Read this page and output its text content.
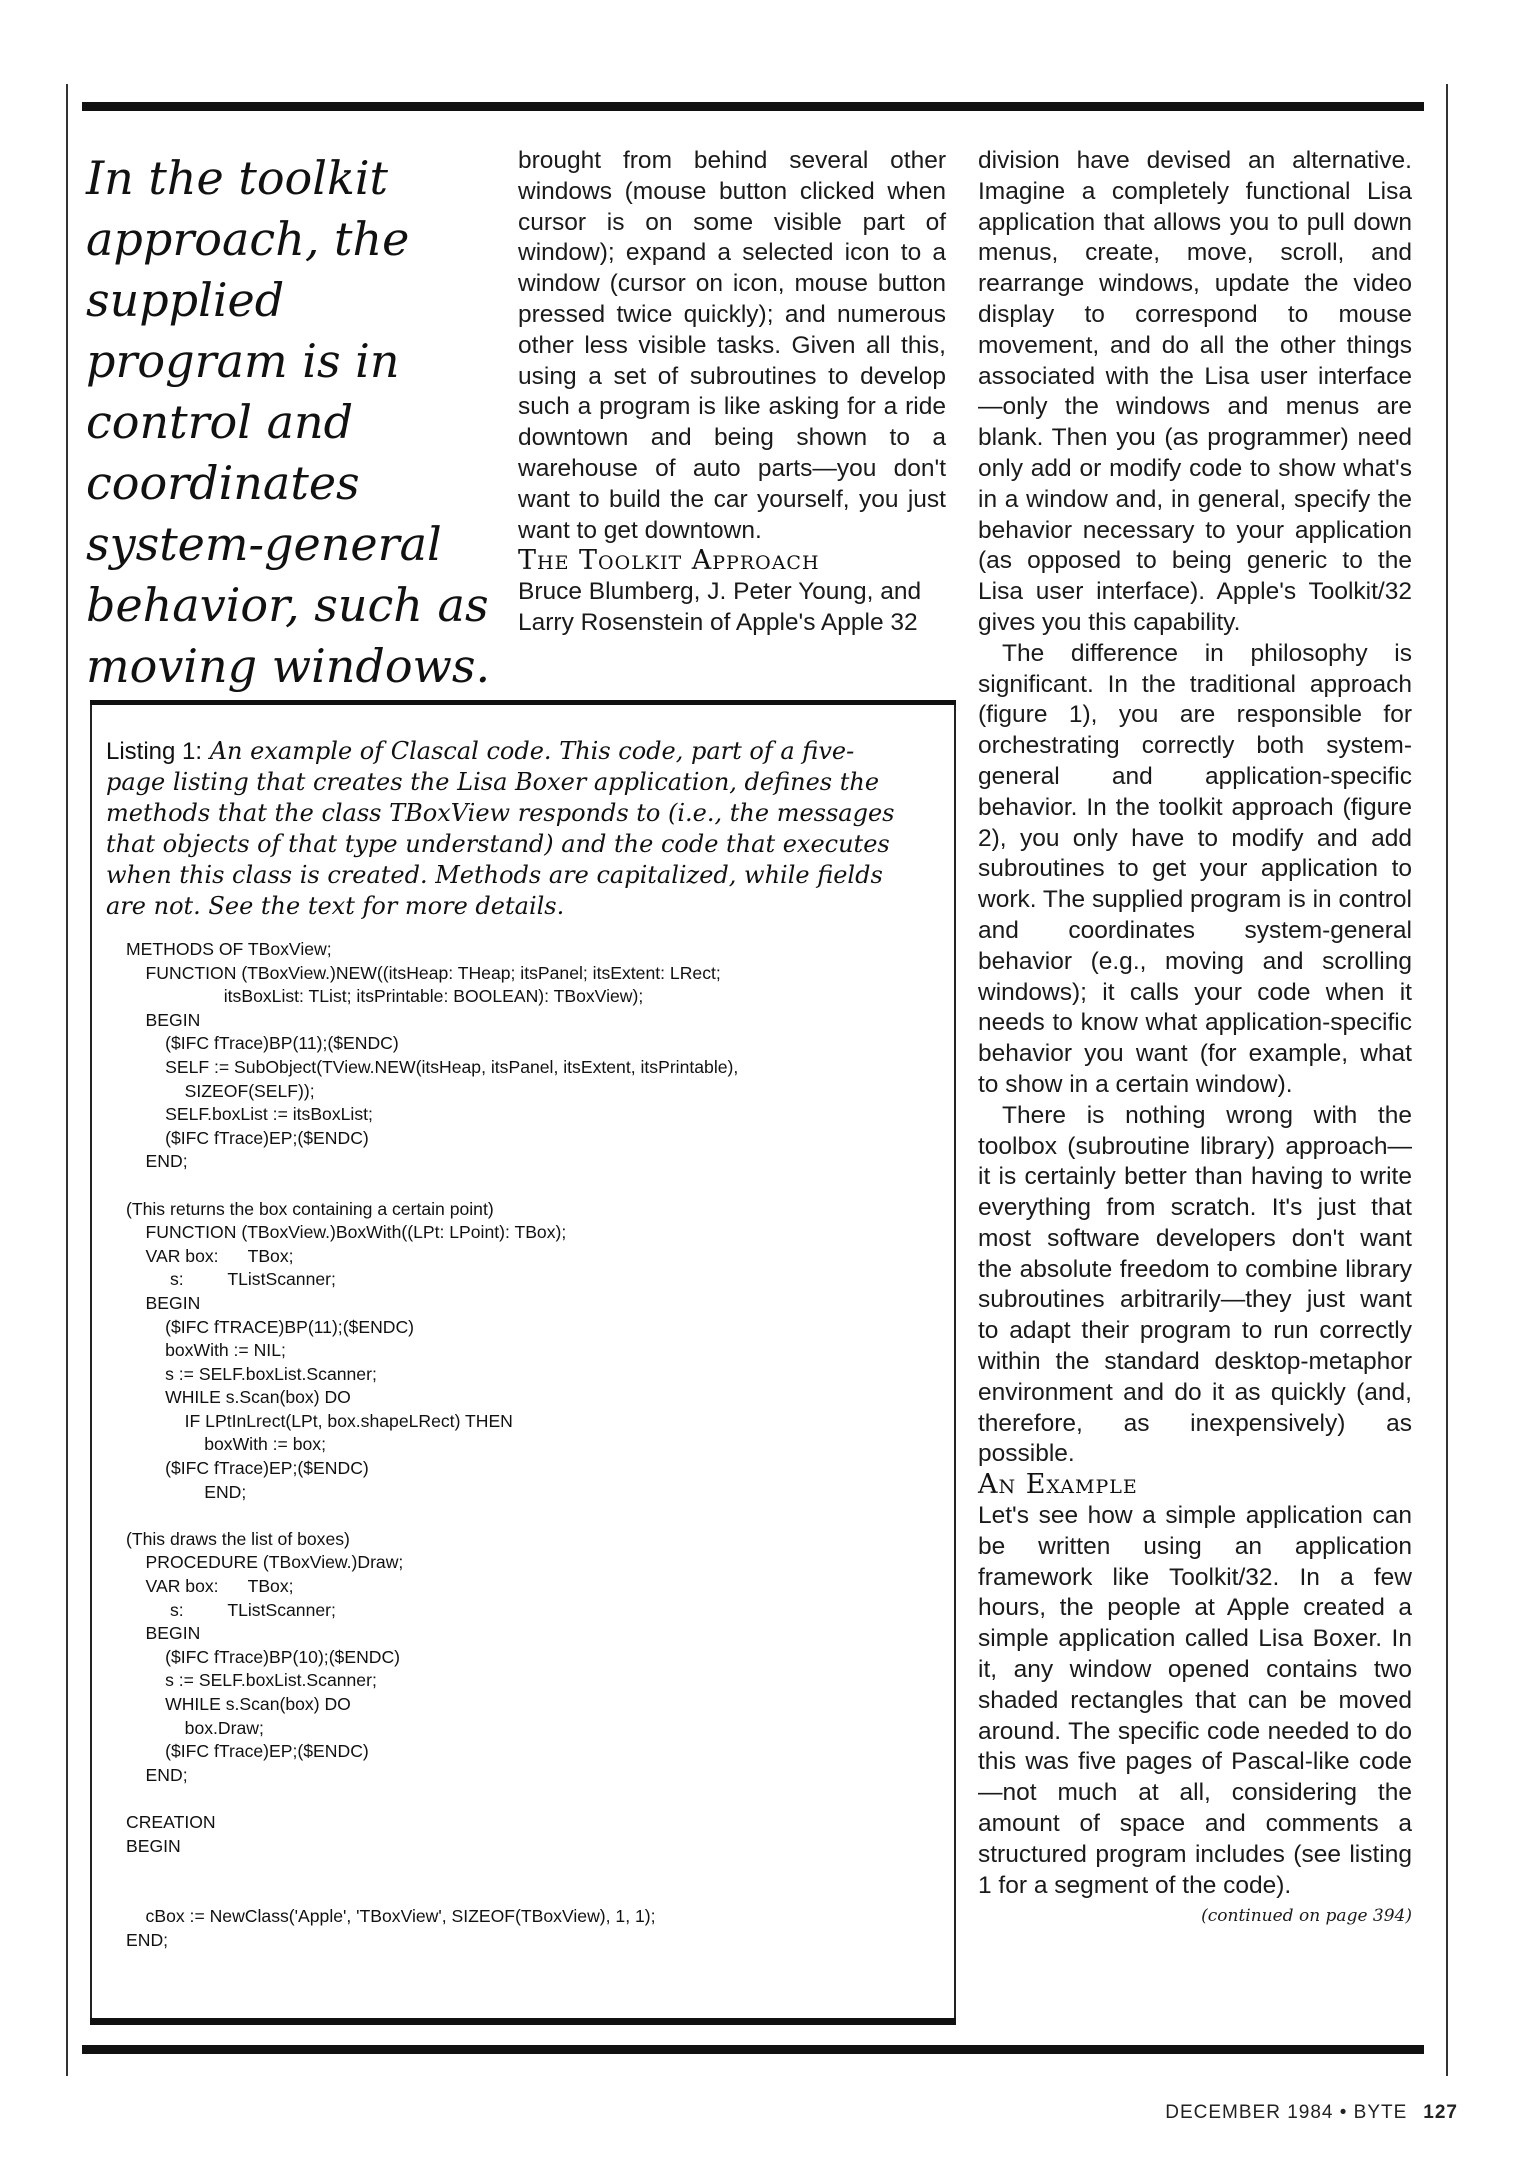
In the toolkit approach, the supplied program is in control and coordinates system-general behavior, such as moving windows.

brought from behind several other windows (mouse button clicked when cursor is on some visible part of window); expand a selected icon to a window (cursor on icon, mouse button pressed twice quickly); and numerous other less visible tasks. Given all this, using a set of subroutines to develop such a program is like asking for a ride downtown and being shown to a warehouse of auto parts—you don't want to build the car yourself, you just want to get downtown.

The Toolkit Approach

Bruce Blumberg, J. Peter Young, and Larry Rosenstein of Apple's Apple 32

division have devised an alternative. Imagine a completely functional Lisa application that allows you to pull down menus, create, move, scroll, and rearrange windows, update the video display to correspond to mouse movement, and do all the other things associated with the Lisa user interface—only the windows and menus are blank. Then you (as programmer) need only add or modify code to show what's in a window and, in general, specify the behavior necessary to your application (as opposed to being generic to the Lisa user interface). Apple's Toolkit/32 gives you this capability.

The difference in philosophy is significant. In the traditional approach (figure 1), you are responsible for orchestrating correctly both system-general and application-specific behavior. In the toolkit approach (figure 2), you only have to modify and add subroutines to get your application to work. The supplied program is in control and coordinates system-general behavior (e.g., moving and scrolling windows); it calls your code when it needs to know what application-specific behavior you want (for example, what to show in a certain window).

There is nothing wrong with the toolbox (subroutine library) approach—it is certainly better than having to write everything from scratch. It's just that most software developers don't want the absolute freedom to combine library subroutines arbitrarily—they just want to adapt their program to run correctly within the standard desktop-metaphor environment and do it as quickly (and, therefore, as inexpensively) as possible.

An Example

Let's see how a simple application can be written using an application framework like Toolkit/32. In a few hours, the people at Apple created a simple application called Lisa Boxer. In it, any window opened contains two shaded rectangles that can be moved around. The specific code needed to do this was five pages of Pascal-like code—not much at all, considering the amount of space and comments a structured program includes (see listing 1 for a segment of the code).

(continued on page 394)

Listing 1: An example of Clascal code. This code, part of a five-page listing that creates the Lisa Boxer application, defines the methods that the class TBoxView responds to (i.e., the messages that objects of that type understand) and the code that executes when this class is created. Methods are capitalized, while fields are not. See the text for more details.
METHODS OF TBoxView;
FUNCTION (TBoxView.)NEW((itsHeap: THeap; itsPanel; itsExtent: LRect;
itsBoxList: TList; itsPrintable: BOOLEAN): TBoxView);
BEGIN
($IFC fTrace)BP(11);($ENDC)
SELF := SubObject(TView.NEW(itsHeap, itsPanel, itsExtent, itsPrintable),
SIZEOF(SELF));
SELF.boxList := itsBoxList;
($IFC fTrace)EP;($ENDC)
END;

(This returns the box containing a certain point)
FUNCTION (TBoxView.)BoxWith((LPt: LPoint): TBox);
VAR box:      TBox;
s:         TListScanner;
BEGIN
($IFC fTRACE)BP(11);($ENDC)
boxWith := NIL;
s := SELF.boxList.Scanner;
WHILE s.Scan(box) DO
IF LPtInLrect(LPt, box.shapeLRect) THEN
boxWith := box;
($IFC fTrace)EP;($ENDC)
END;

(This draws the list of boxes)
PROCEDURE (TBoxView.)Draw;
VAR box:      TBox;
s:         TListScanner;
BEGIN
($IFC fTrace)BP(10);($ENDC)
s := SELF.boxList.Scanner;
WHILE s.Scan(box) DO
box.Draw;
($IFC fTrace)EP;($ENDC)
END;

CREATION
BEGIN

cBox := NewClass('Apple', 'TBoxView', SIZEOF(TBoxView), 1, 1);
END;
DECEMBER 1984 • BYTE 127
